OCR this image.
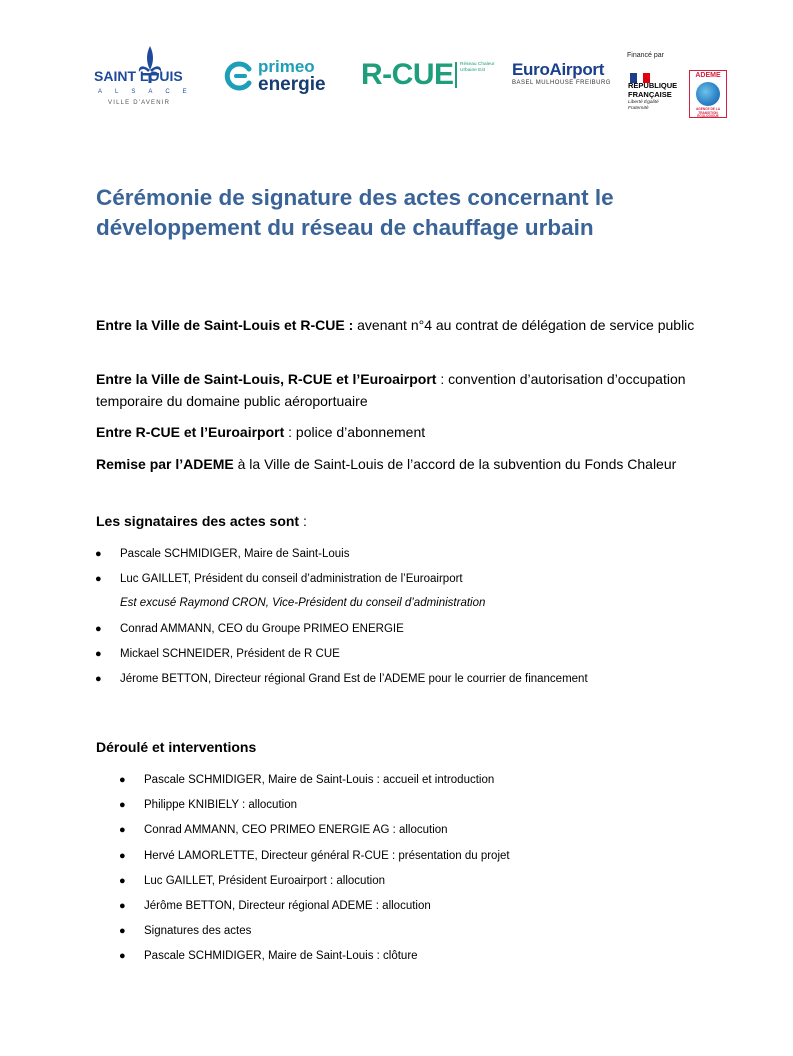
SAINT LOUIS
ALSACE
VILLE D'AVENIR
primeo
energie R-CUE Réseau Chaleur Urbaine Est	EuroAirport
BASEL MULHOUSE FREIBURG
Financé par
RÉPUBLIQUE FRANÇAISE
Liberté Égalité Fraternité
ADEME
AGENCE DE LA TRANSITION ÉCOLOGIQUE
Cérémonie de signature des actes concernant le développement du réseau de chauffage urbain
Entre la Ville de Saint-Louis et R-CUE : avenant n°4 au contrat de délégation de service public
Entre la Ville de Saint-Louis, R-CUE et l’Euroairport : convention d’autorisation d’occupation temporaire du domaine public aéroportuaire
Entre R-CUE et l’Euroairport : police d’abonnement
Remise par l’ADEME à la Ville de Saint-Louis de l’accord de la subvention du Fonds Chaleur
Les signataires des actes sont :
● Pascale SCHMIDIGER, Maire de Saint-Louis
● Luc GAILLET, Président du conseil d’administration de l’Euroairport
Est excusé Raymond CRON, Vice-Président du conseil d’administration
● Conrad AMMANN, CEO du Groupe PRIMEO ENERGIE
● Mickael SCHNEIDER, Président de R CUE
● Jérome BETTON, Directeur régional Grand Est de l’ADEME pour le courrier de financement
Déroulé et interventions
● Pascale SCHMIDIGER, Maire de Saint-Louis : accueil et introduction
● Philippe KNIBIELY : allocution
● Conrad AMMANN, CEO PRIMEO ENERGIE AG : allocution
● Hervé LAMORLETTE, Directeur général R-CUE : présentation du projet
● Luc GAILLET, Président Euroairport : allocution
● Jérôme BETTON, Directeur régional ADEME : allocution
● Signatures des actes
● Pascale SCHMIDIGER, Maire de Saint-Louis : clôture
